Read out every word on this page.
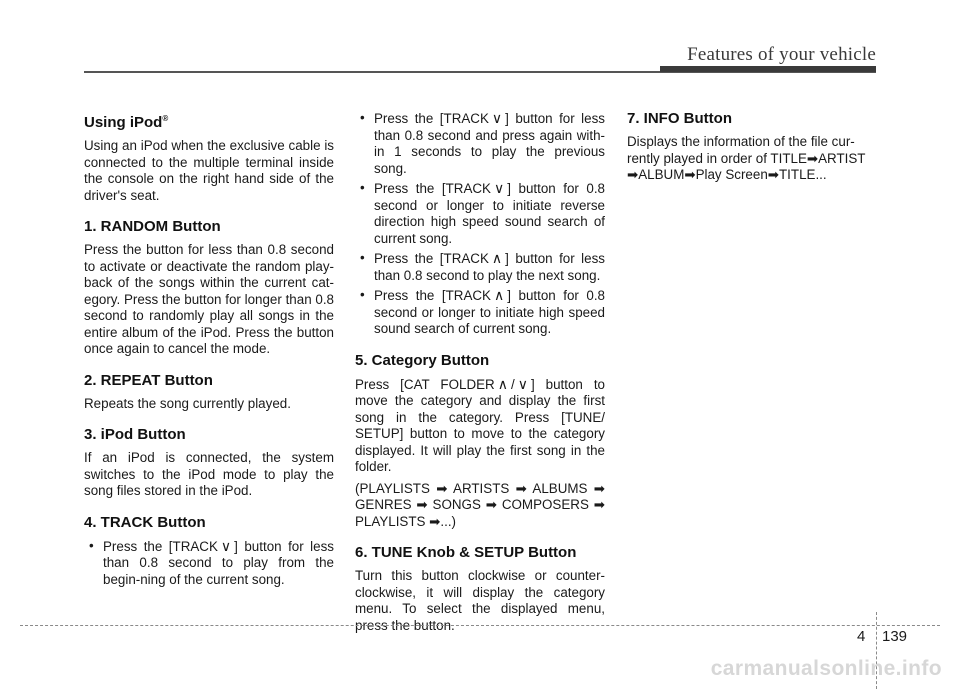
Features of your vehicle
Using iPod®

Using an iPod when the exclusive cable is connected to the multiple terminal inside the console on the right hand side of the driver's seat.

1. RANDOM Button

Press the button for less than 0.8 second to activate or deactivate the random play-back of the songs within the current cat-egory. Press the button for longer than 0.8 second to randomly play all songs in the entire album of the iPod. Press the button once again to cancel the mode.

2. REPEAT Button

Repeats the song currently played.

3. iPod Button

If an iPod is connected, the system switches to the iPod mode to play the song files stored in the iPod.

4. TRACK Button
• Press the [TRACK ∨ ] button for less than 0.8 second to play from the begin-ning of the current song.
• Press the [TRACK ∨ ] button for less than 0.8 second and press again with-in 1 seconds to play the previous song.
• Press the [TRACK ∨ ] button for 0.8 second or longer to initiate reverse direction high speed sound search of current song.
• Press the [TRACK ∧ ] button for less than 0.8 second to play the next song.
• Press the [TRACK ∧ ] button for 0.8 second or longer to initiate high speed sound search of current song.
5. Category Button

Press [CAT FOLDER ∧ / ∨ ] button to move the category and display the first song in the category. Press [TUNE/ SETUP] button to move to the category displayed. It will play the first song in the folder.

(PLAYLISTS ➡ ARTISTS ➡ ALBUMS ➡ GENRES ➡ SONGS ➡ COMPOSERS ➡ PLAYLISTS ➡...)

6. TUNE Knob & SETUP Button

Turn this button clockwise or counter-clockwise, it will display the category menu. To select the displayed menu, press the button.

7. INFO Button

Displays the information of the file cur-rently played in order of TITLE➡ARTIST ➡ALBUM➡Play Screen➡TITLE...

4 139
carmanualsonline.info
